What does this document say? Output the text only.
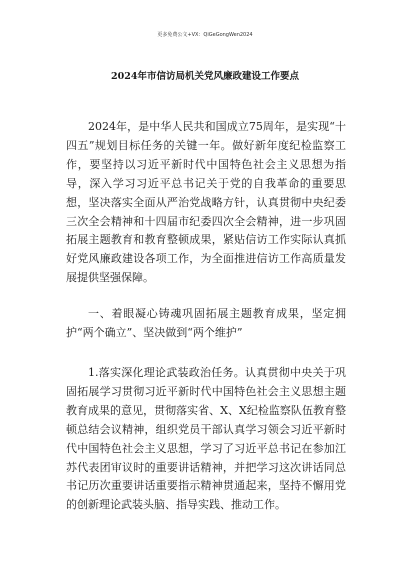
更多免费公文+VX：QiGeGongWen2024
2024年市信访局机关党风廉政建设工作要点

2024年，是中华人民共和国成立75周年，是实现“十四五”规划目标任务的关键一年。做好新年度纪检监察工作，要坚持以习近平新时代中国特色社会主义思想为指导，深入学习习近平总书记关于党的自我革命的重要思想，坚决落实全面从严治党战略方针，认真贯彻中央纪委三次全会精神和十四届市纪委四次全会精神，进一步巩固拓展主题教育和教育整顿成果，紧贴信访工作实际认真抓好党风廉政建设各项工作，为全面推进信访工作高质量发展提供坚强保障。

一、着眼凝心铸魂巩固拓展主题教育成果，坚定拥护“两个确立”、坚决做到“两个维护”

1.落实深化理论武装政治任务。认真贯彻中央关于巩固拓展学习贯彻习近平新时代中国特色社会主义思想主题教育成果的意见，贯彻落实省、X、X纪检监察队伍教育整顿总结会议精神，组织党员干部认真学习领会习近平新时代中国特色社会主义思想，学习了习近平总书记在参加江苏代表团审议时的重要讲话精神，并把学习这次讲话同总书记历次重要讲话重要指示精神贯通起来，坚持不懈用党的创新理论武装头脑、指导实践、推动工作。
